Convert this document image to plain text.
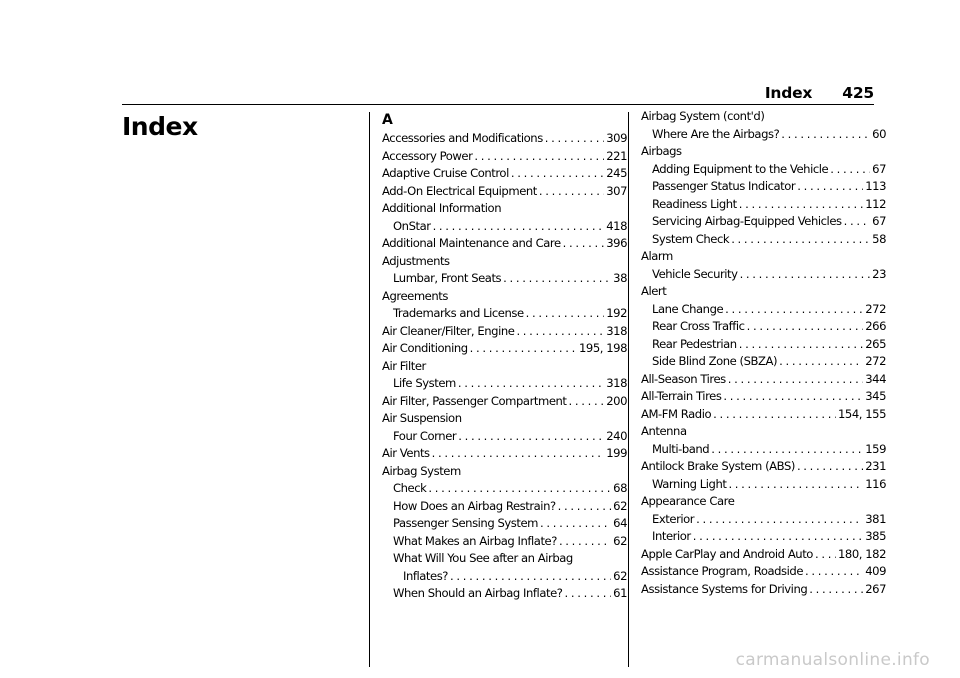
Index 425
Index	A
Accessories and Modifications . . .	309
Accessory Power . . .	221
Adaptive Cruise Control . . .	245
Add-On Electrical Equipment . . .	307
Additional Information
OnStar . . .	418
Additional Maintenance and Care . . .	396
Adjustments
Lumbar, Front Seats . . .	38
Agreements
Trademarks and License . . .	192
Air Cleaner/Filter, Engine . . .	318
Air Conditioning . . .	195, 198
Air Filter
Life System . . .	318
Air Filter, Passenger Compartment . . .	200
Air Suspension
Four Corner . . .	240
Air Vents . . .	199
Airbag System
Check . . .	68
How Does an Airbag Restrain? . . .	62
Passenger Sensing System . . .	64
What Makes an Airbag Inflate? . . .	62
What Will You See after an Airbag
Inflates? . . .	62
When Should an Airbag Inflate? . . .	61
Airbag System (cont'd)
Where Are the Airbags? . . .	60
Airbags
Adding Equipment to the Vehicle . . .	67
Passenger Status Indicator . . .	113
Readiness Light . . .	112
Servicing Airbag-Equipped Vehicles . . .	67
System Check . . .	58
Alarm
Vehicle Security . . .	23
Alert
Lane Change . . .	272
Rear Cross Traffic . . .	266
Rear Pedestrian . . .	265
Side Blind Zone (SBZA) . . .	272
All-Season Tires . . .	344
All-Terrain Tires . . .	345
AM-FM Radio . . .	154, 155
Antenna
Multi-band . . .	159
Antilock Brake System (ABS) . . .	231
Warning Light . . .	116
Appearance Care
Exterior . . .	381
Interior . . .	385
Apple CarPlay and Android Auto . . . 180, 182
Assistance Program, Roadside . . .	409
Assistance Systems for Driving . . .	267
carmanualsonline.info
